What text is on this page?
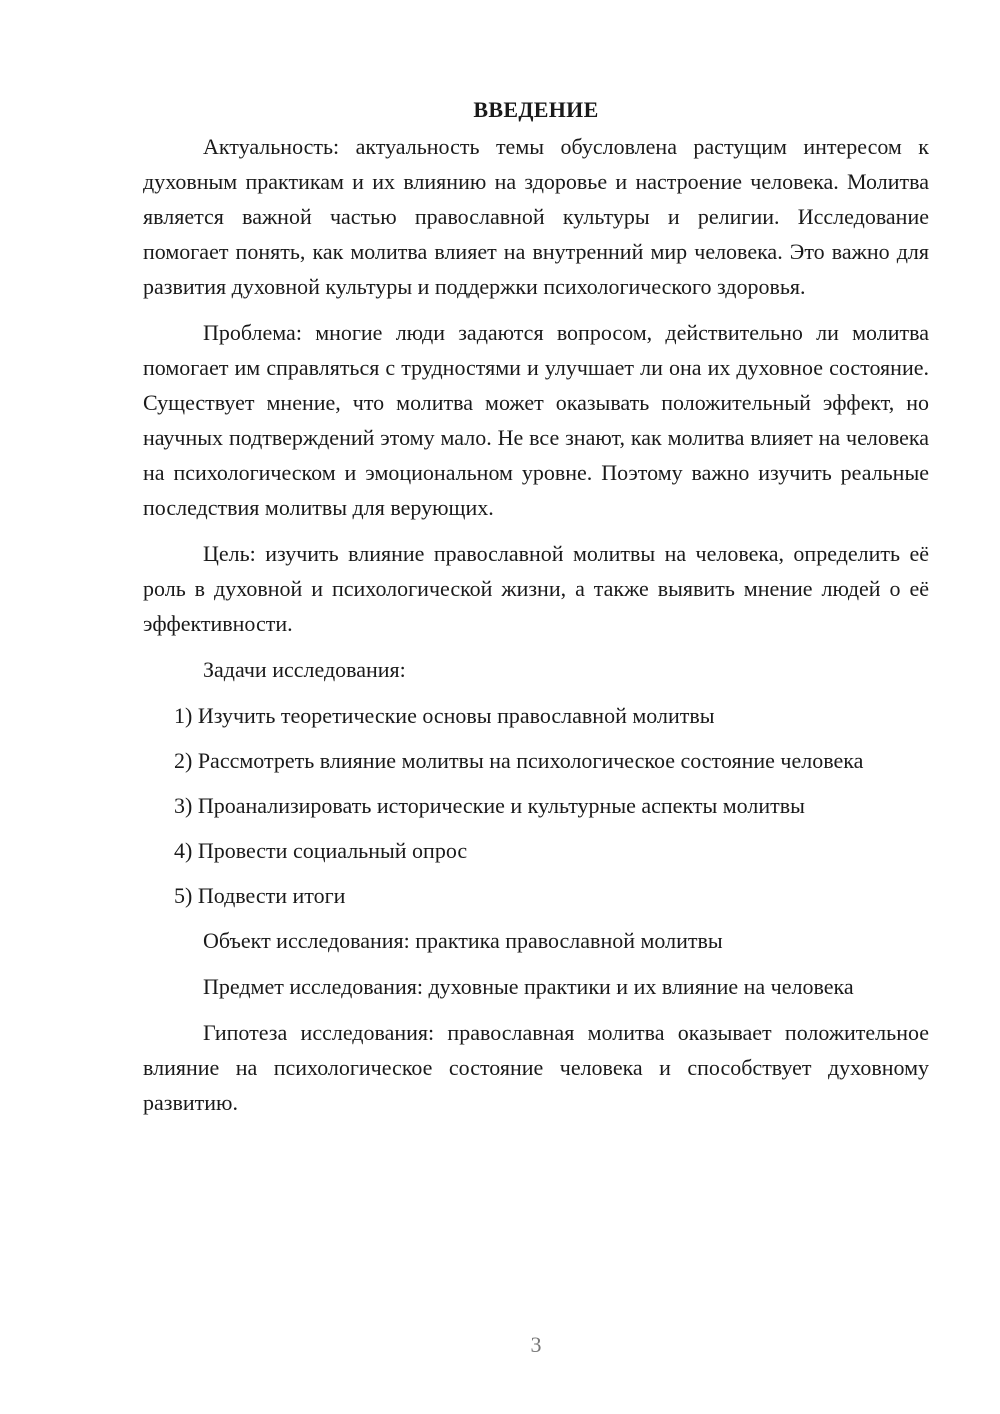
ВВЕДЕНИЕ

Актуальность: актуальность темы обусловлена растущим интересом к духовным практикам и их влиянию на здоровье и настроение человека. Молитва является важной частью православной культуры и религии. Исследование помогает понять, как молитва влияет на внутренний мир человека. Это важно для развития духовной культуры и поддержки психологического здоровья.

Проблема: многие люди задаются вопросом, действительно ли молитва помогает им справляться с трудностями и улучшает ли она их духовное состояние. Существует мнение, что молитва может оказывать положительный эффект, но научных подтверждений этому мало. Не все знают, как молитва влияет на человека на психологическом и эмоциональном уровне. Поэтому важно изучить реальные последствия молитвы для верующих.

Цель: изучить влияние православной молитвы на человека, определить её роль в духовной и психологической жизни, а также выявить мнение людей о её эффективности.

Задачи исследования:

1) Изучить теоретические основы православной молитвы

2) Рассмотреть влияние молитвы на психологическое состояние человека

3) Проанализировать исторические и культурные аспекты молитвы

4) Провести социальный опрос

5) Подвести итоги

Объект исследования: практика православной молитвы

Предмет исследования: духовные практики и их влияние на человека

Гипотеза исследования: православная молитва оказывает положительное влияние на психологическое состояние человека и способствует духовному развитию.

3
